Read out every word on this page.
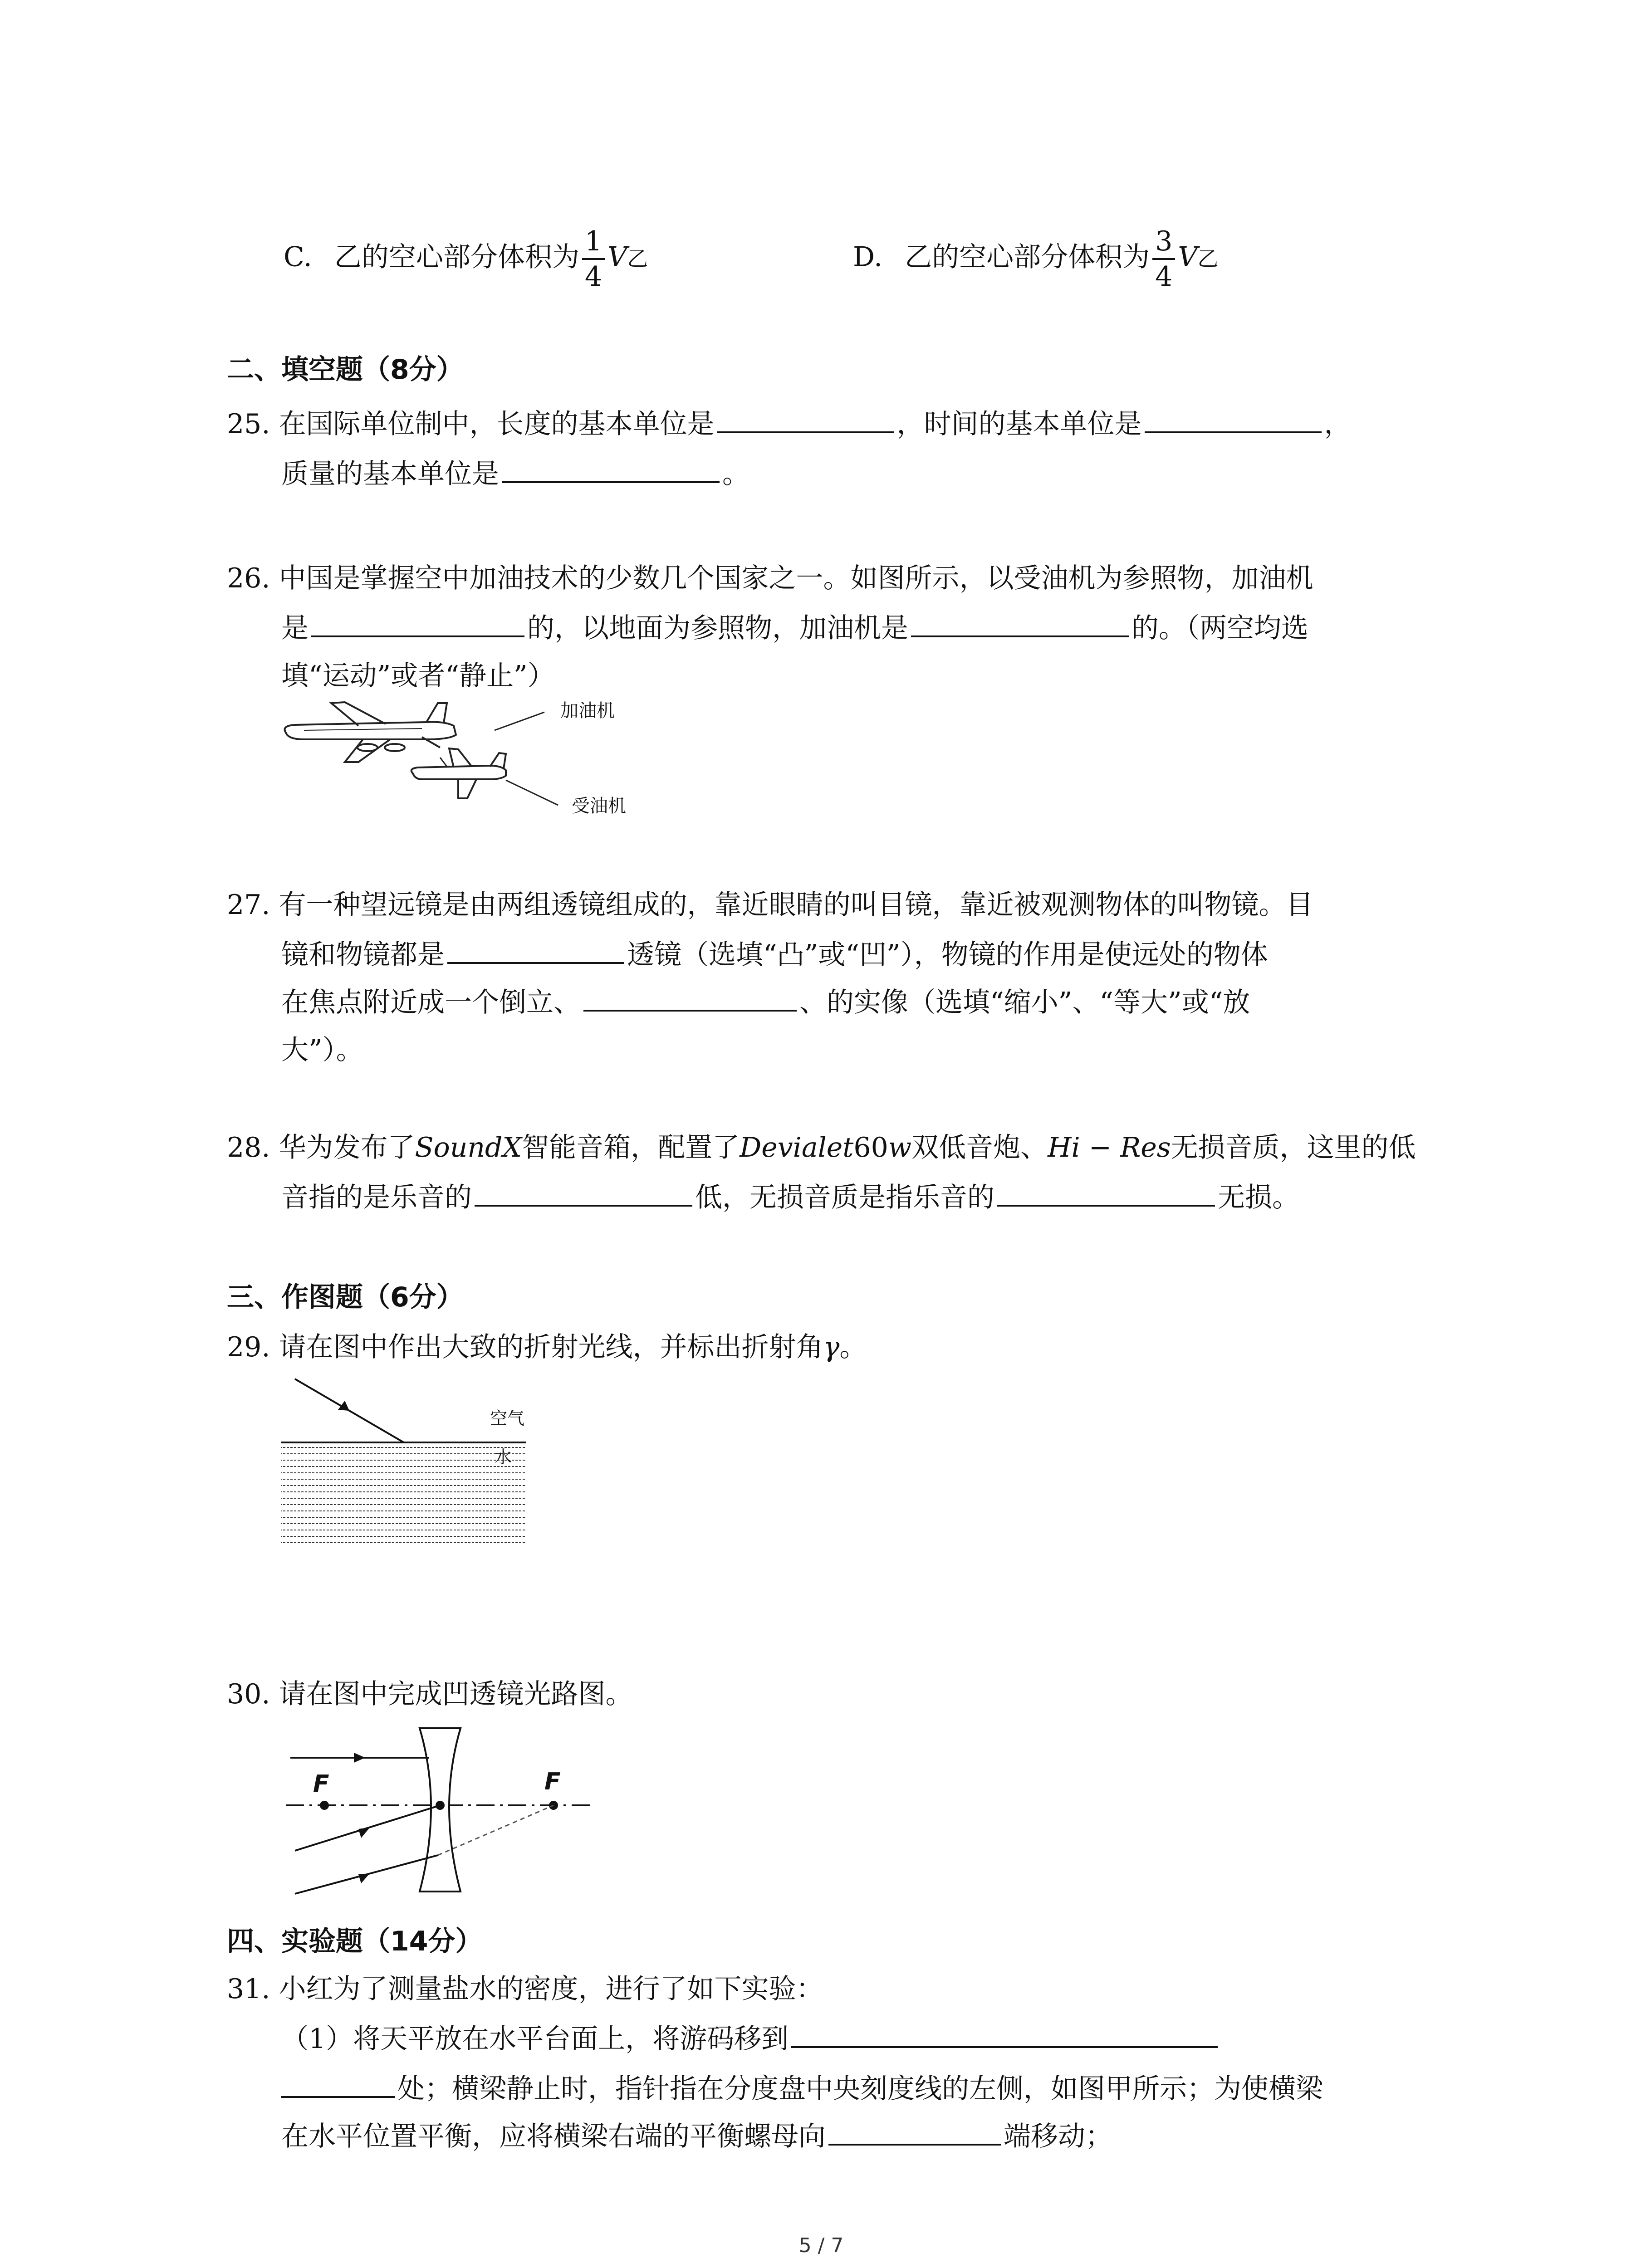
C. 乙的空心部分体积为 $\frac{1}{4}$ V乙	D. 乙的空心部分体积为 $\frac{3}{4}$ V乙
二、填空题（8分）
25. 在国际单位制中，长度的基本单位是	，时间的基本单位是	，
质量的基本单位是	。
26. 中国是掌握空中加油技术的少数几个国家之一。如图所示，以受油机为参照物，加油机
是	的，以地面为参照物，加油机是	的。（两空均选
填“运动”或者“静止”）
加油机
受油机
27. 有一种望远镜是由两组透镜组成的，靠近眼睛的叫目镜，靠近被观测物体的叫物镜。目
镜和物镜都是	透镜（选填“凸”或“凹”），物镜的作用是使远处的物体
在焦点附近成一个倒立、	、的实像（选填“缩小”、“等大”或“放
大”）。
28. 华为发布了SoundX智能音箱，配置了Devialet60w双低音炮、Hi − Res无损音质，这里的低
音指的是乐音的	低，无损音质是指乐音的	无损。
三、作图题（6分）
29. 请在图中作出大致的折射光线，并标出折射角γ。
空气
水
30. 请在图中完成凹透镜光路图。
F	F
四、实验题（14分）
31. 小红为了测量盐水的密度，进行了如下实验：
（1）将天平放在水平台面上，将游码移到
处；横梁静止时，指针指在分度盘中央刻度线的左侧，如图甲所示；为使横梁
在水平位置平衡，应将横梁右端的平衡螺母向	端移动；
5 / 7
